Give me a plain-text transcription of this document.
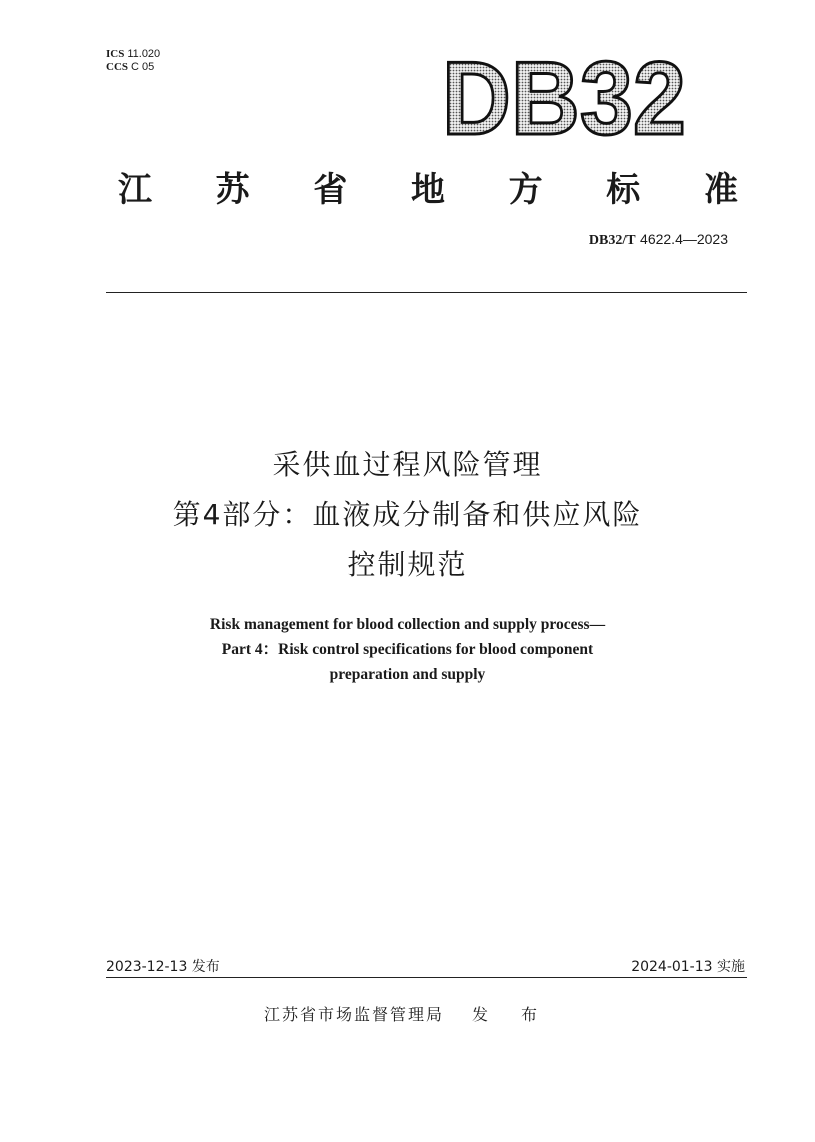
ICS 11.020
CCS C 05	DB32
江 苏 省 地 方 标 准
DB32/T 4622.4—2023
采供血过程风险管理
第4部分：血液成分制备和供应风险
控制规范
Risk management for blood collection and supply process—
Part 4：Risk control specifications for blood component
preparation and supply
2023-12-13 发布	2024-01-13 实施
江苏省市场监督管理局 发 布
